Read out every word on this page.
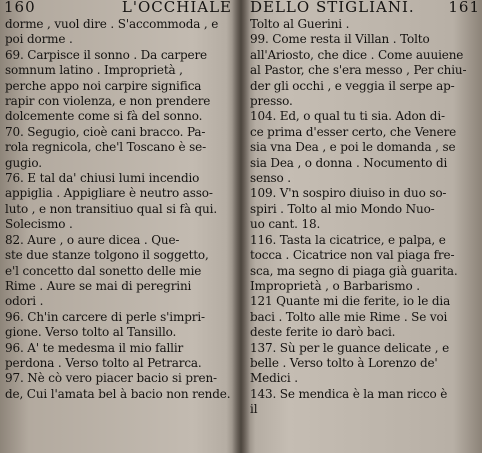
160	L'OCCHIALE
dorme , vuol dire . S'accommoda , e
poi dorme .
69. Carpisce il sonno . Da carpere
somnum latino . Improprietà ,
perche appo noi carpire significa
rapir con violenza, e non prendere
dolcemente come si fà del sonno.
70. Segugio, cioè cani bracco. Pa-
rola regnicola, che'l Toscano è se-
gugio.
76. E tal da' chiusi lumi incendio
appiglia . Appigliare è neutro asso-
luto , e non transitiuo qual si fà qui.
Solecismo .
82. Aure , o aure dicea . Que-
ste due stanze tolgono il soggetto,
e'l concetto dal sonetto delle mie
Rime . Aure se mai di peregrini
odori .
96. Ch'in carcere di perle s'impri-
gione. Verso tolto al Tansillo.
96. A' te medesma il mio fallir
perdona . Verso tolto al Petrarca.
97. Nè cò vero piacer bacio si pren-
de, Cui l'amata bel à bacio non rende.
DELLO STIGLIANI. 161
Tolto al Guerini .
99. Come resta il Villan . Tolto
all'Ariosto, che dice . Come auuiene
al Pastor, che s'era messo , Per chiu-
der gli occhi , e veggia il serpe ap-
presso.
104. Ed, o qual tu ti sia. Adon di-
ce prima d'esser certo, che Venere
sia vna Dea , e poi le domanda , se
sia Dea , o donna . Nocumento di
senso .
109. V'n sospiro diuiso in duo so-
spiri . Tolto al mio Mondo Nuo-
uo cant. 18.
116. Tasta la cicatrice, e palpa, e
tocca . Cicatrice non val piaga fre-
sca, ma segno di piaga già guarita.
Improprietà , o Barbarismo .
121 Quante mi die ferite, io le dia
baci . Tolto alle mie Rime . Se voi
deste ferite io darò baci.
137. Sù per le guance delicate , e
belle . Verso tolto à Lorenzo de'
Medici .
143. Se mendica è la man ricco è
il
